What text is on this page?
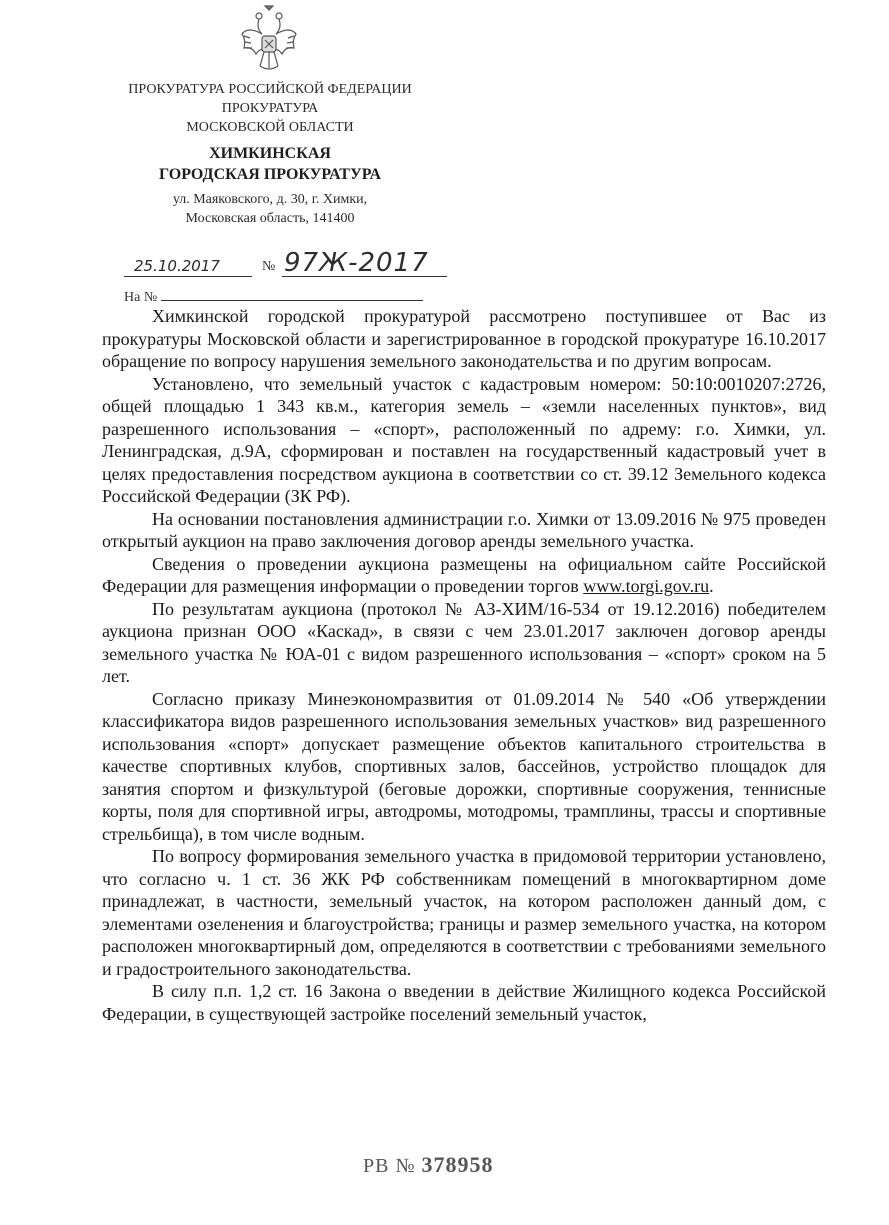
ПРОКУРАТУРА РОССИЙСКОЙ ФЕДЕРАЦИИ
ПРОКУРАТУРА
МОСКОВСКОЙ ОБЛАСТИ
ХИМКИНСКАЯ
ГОРОДСКАЯ ПРОКУРАТУРА
ул. Маяковского, д. 30, г. Химки,
Московская область, 141400
25.10.2017	№ 97Ж-2017
На №

Химкинской городской прокуратурой рассмотрено поступившее от Вас из прокуратуры Московской области и зарегистрированное в городской прокуратуре 16.10.2017 обращение по вопросу нарушения земельного законодательства и по другим вопросам.

Установлено, что земельный участок с кадастровым номером: 50:10:0010207:2726, общей площадью 1 343 кв.м., категория земель – «земли населенных пунктов», вид разрешенного использования – «спорт», расположенный по адрему: г.о. Химки, ул. Ленинградская, д.9А, сформирован и поставлен на государственный кадастровый учет в целях предоставления посредством аукциона в соответствии со ст. 39.12 Земельного кодекса Российской Федерации (ЗК РФ).

На основании постановления администрации г.о. Химки от 13.09.2016 № 975 проведен открытый аукцион на право заключения договор аренды земельного участка.

Сведения о проведении аукциона размещены на официальном сайте Российской Федерации для размещения информации о проведении торгов www.torgi.gov.ru.

По результатам аукциона (протокол № АЗ-ХИМ/16-534 от 19.12.2016) победителем аукциона признан ООО «Каскад», в связи с чем 23.01.2017 заключен договор аренды земельного участка № ЮА-01 с видом разрешенного использования – «спорт» сроком на 5 лет.

Согласно приказу Минеэкономразвития от 01.09.2014 № 540 «Об утверждении классификатора видов разрешенного использования земельных участков» вид разрешенного использования «спорт» допускает размещение объектов капитального строительства в качестве спортивных клубов, спортивных залов, бассейнов, устройство площадок для занятия спортом и физкультурой (беговые дорожки, спортивные сооружения, теннисные корты, поля для спортивной игры, автодромы, мотодромы, трамплины, трассы и спортивные стрельбища), в том числе водным.

По вопросу формирования земельного участка в придомовой территории установлено, что согласно ч. 1 ст. 36 ЖК РФ собственникам помещений в многоквартирном доме принадлежат, в частности, земельный участок, на котором расположен данный дом, с элементами озеленения и благоустройства; границы и размер земельного участка, на котором расположен многоквартирный дом, определяются в соответствии с требованиями земельного и градостроительного законодательства.

В силу п.п. 1,2 ст. 16 Закона о введении в действие Жилищного кодекса Российской Федерации, в существующей застройке поселений земельный участок,

РВ № 378958
